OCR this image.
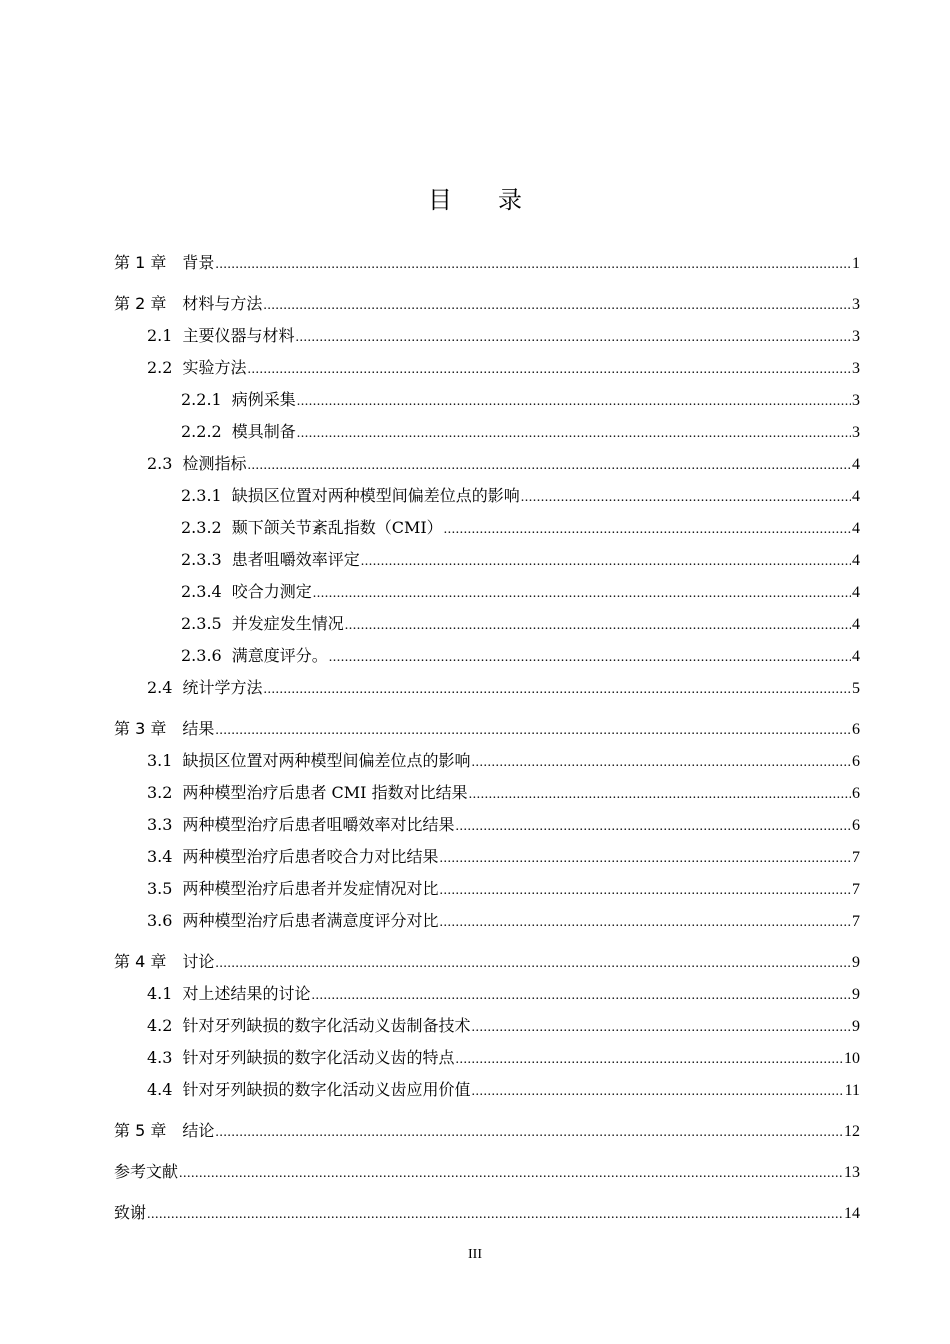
目 录
第 1 章 背景 .....	1
第 2 章 材料与方法 .....	3
2.1 主要仪器与材料 .....	3
2.2 实验方法 .....	3
2.2.1 病例采集 .....	3
2.2.2 模具制备 .....	3
2.3 检测指标 .....	4
2.3.1 缺损区位置对两种模型间偏差位点的影响 .....	4
2.3.2 颞下颌关节紊乱指数（CMI） .....	4
2.3.3 患者咀嚼效率评定 .....	4
2.3.4 咬合力测定 .....	4
2.3.5 并发症发生情况 .....	4
2.3.6 满意度评分。 .....	4
2.4 统计学方法 .....	5
第 3 章 结果 .....	6
3.1 缺损区位置对两种模型间偏差位点的影响 .....	6
3.2 两种模型治疗后患者 CMI 指数对比结果 .....	6
3.3 两种模型治疗后患者咀嚼效率对比结果 .....	6
3.4 两种模型治疗后患者咬合力对比结果 .....	7
3.5 两种模型治疗后患者并发症情况对比 .....	7
3.6 两种模型治疗后患者满意度评分对比 .....	7
第 4 章 讨论 .....	9
4.1 对上述结果的讨论 .....	9
4.2 针对牙列缺损的数字化活动义齿制备技术 .....	9
4.3 针对牙列缺损的数字化活动义齿的特点 .....	10
4.4 针对牙列缺损的数字化活动义齿应用价值 .....	11
第 5 章 结论 .....	12
参考文献 .....	13
致谢 .....	14
III
